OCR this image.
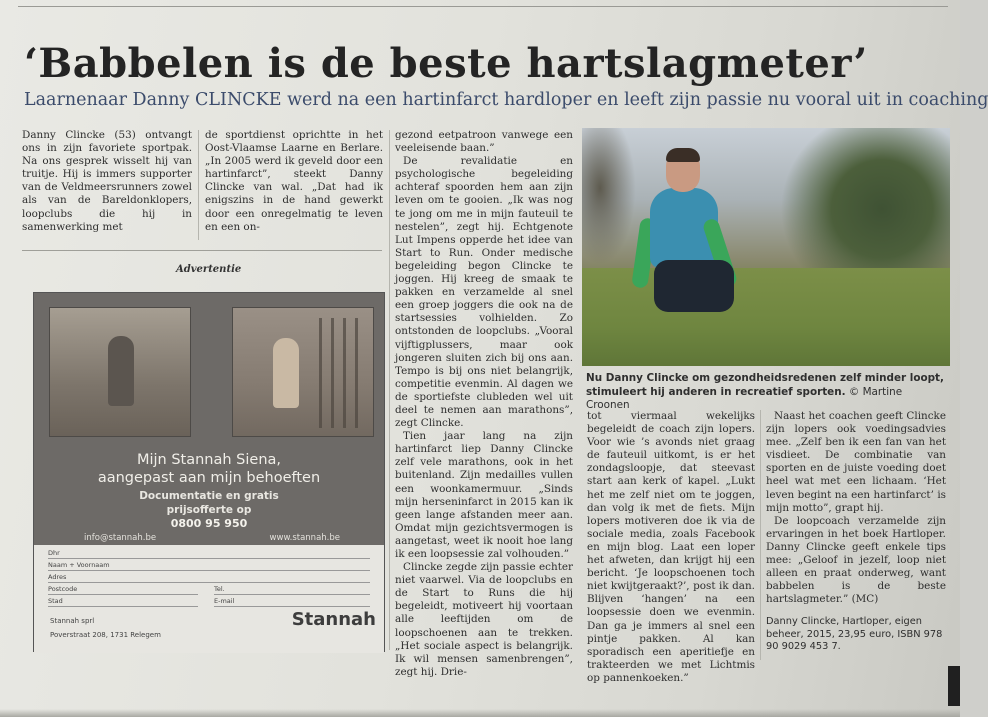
‘Babbelen is de beste hartslagmeter’
Laarnenaar Danny CLINCKE werd na een hartinfarct hardloper en leeft zijn passie nu vooral uit in coaching

Danny Clincke (53) ontvangt ons in zijn favoriete sportpak. Na ons gesprek wisselt hij van truitje. Hij is immers supporter van de Veldmeersrunners zowel als van de Bareldonklopers, loopclubs die hij in samenwerking met

de sportdienst oprichtte in het Oost-Vlaamse Laarne en Berlare. „In 2005 werd ik geveld door een hartinfarct”, steekt Danny Clincke van wal. „Dat had ik enigszins in de hand gewerkt door een onregelmatig te leven en een on-

gezond eetpatroon vanwege een veeleisende baan.”

De revalidatie en psychologische begeleiding achteraf spoorden hem aan zijn leven om te gooien. „Ik was nog te jong om me in mijn fauteuil te nestelen”, zegt hij. Echtgenote Lut Impens opperde het idee van Start to Run. Onder medische begeleiding begon Clincke te joggen. Hij kreeg de smaak te pakken en verzamelde al snel een groep joggers die ook na de startsessies volhielden. Zo ontstonden de loopclubs. „Vooral vijftigplussers, maar ook jongeren sluiten zich bij ons aan. Tempo is bij ons niet belangrijk, competitie evenmin. Al dagen we de sportiefste clubleden wel uit deel te nemen aan marathons”, zegt Clincke.

Tien jaar lang na zijn hartinfarct liep Danny Clincke zelf vele marathons, ook in het buitenland. Zijn medailles vullen een woonkamermuur. „Sinds mijn herseninfarct in 2015 kan ik geen lange afstanden meer aan. Omdat mijn gezichtsvermogen is aangetast, weet ik nooit hoe lang ik een loopsessie zal volhouden.”

Clincke zegde zijn passie echter niet vaarwel. Via de loopclubs en de Start to Runs die hij begeleidt, motiveert hij voortaan alle leeftijden om de loopschoenen aan te trekken. „Het sociale aspect is belangrijk. Ik wil mensen samenbrengen”, zegt hij. Drie-

Advertentie
Mijn Stannah Siena,
aangepast aan mijn behoeften
Documentatie en gratis
prijsofferte op
0800 95 950
info@stannah.be	www.stannah.be
Dhr
Naam + Voornaam
Adres
Postcode	Tel.
Stad	E-mail
Stannah sprl
Poverstraat 208, 1731 Relegem
Stannah
Nu Danny Clincke om gezondheidsredenen zelf minder loopt, stimuleert hij anderen in recreatief sporten. © Martine Croonen

tot viermaal wekelijks begeleidt de coach zijn lopers. Voor wie ’s avonds niet graag de fauteuil uitkomt, is er het zondagsloopje, dat steevast start aan kerk of kapel. „Lukt het me zelf niet om te joggen, dan volg ik met de fiets. Mijn lopers motiveren doe ik via de sociale media, zoals Facebook en mijn blog. Laat een loper het afweten, dan krijgt hij een bericht. ‘Je loopschoenen toch niet kwijtgeraakt?’, post ik dan. Blijven ‘hangen’ na een loopsessie doen we evenmin. Dan ga je immers al snel een pintje pakken. Al kan sporadisch een aperitiefje en trakteerden we met Lichtmis op pannenkoeken.”

Naast het coachen geeft Clincke zijn lopers ook voedingsadvies mee. „Zelf ben ik een fan van het visdieet. De combinatie van sporten en de juiste voeding doet heel wat met een lichaam. ‘Het leven begint na een hartinfarct’ is mijn motto”, grapt hij.

De loopcoach verzamelde zijn ervaringen in het boek Hartloper. Danny Clincke geeft enkele tips mee: „Geloof in jezelf, loop niet alleen en praat onderweg, want babbelen is de beste hartslagmeter.” (MC)

Danny Clincke, Hartloper, eigen beheer, 2015, 23,95 euro, ISBN 978 90 9029 453 7.
